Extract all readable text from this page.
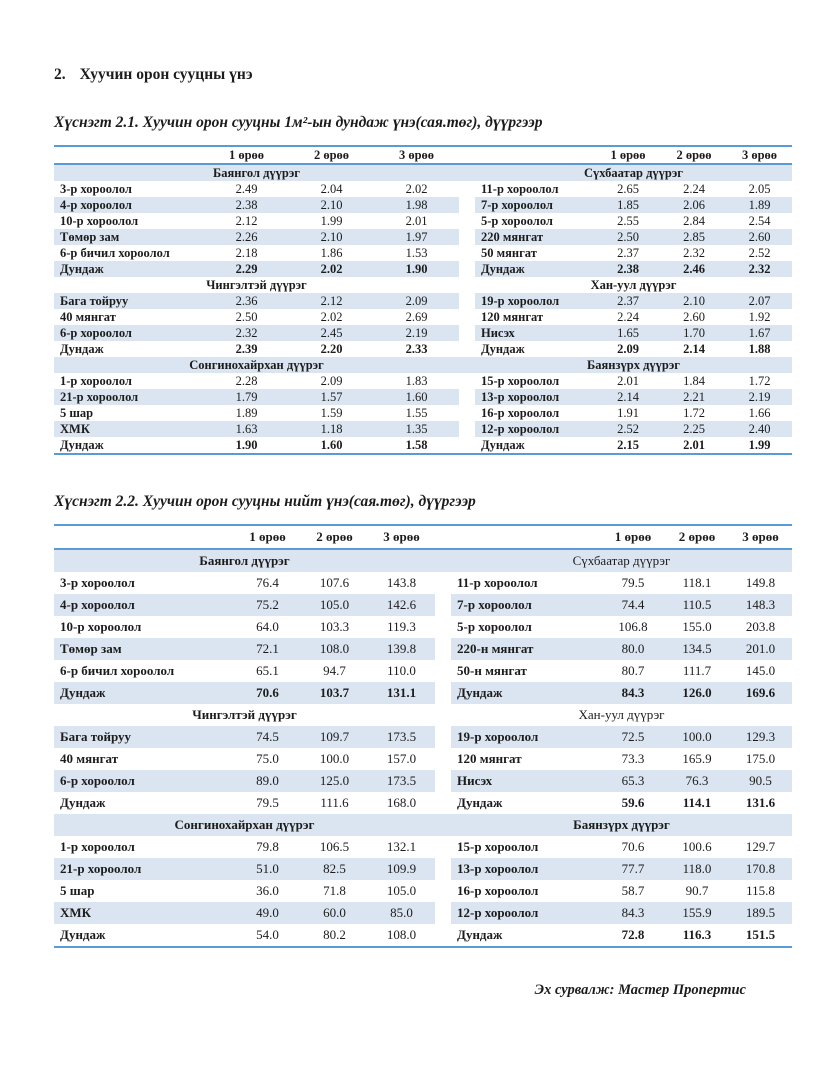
2. Хуучин орон сууцны үнэ
Хүснэгт 2.1. Хуучин орон сууцны 1м²-ын дундаж үнэ(сая.төг), дүүргээр
	1 өрөө	2 өрөө	3 өрөө			1 өрөө	2 өрөө	3 өрөө
Баянгол дүүрэг					Сүхбаатар дүүрэг			
3-р хороолол	2.49	2.04	2.02		11-р хороолол	2.65	2.24	2.05
4-р хороолол	2.38	2.10	1.98		7-р хороолол	1.85	2.06	1.89
10-р хороолол	2.12	1.99	2.01		5-р хороолол	2.55	2.84	2.54
Төмөр зам	2.26	2.10	1.97		220 мянгат	2.50	2.85	2.60
6-р бичил хороолол	2.18	1.86	1.53		50 мянгат	2.37	2.32	2.52
Дундаж	2.29	2.02	1.90		Дундаж	2.38	2.46	2.32
Чингэлтэй дүүрэг					Хан-уул дүүрэг			
Бага тойруу	2.36	2.12	2.09		19-р хороолол	2.37	2.10	2.07
40 мянгат	2.50	2.02	2.69		120 мянгат	2.24	2.60	1.92
6-р хороолол	2.32	2.45	2.19		Нисэх	1.65	1.70	1.67
Дундаж	2.39	2.20	2.33		Дундаж	2.09	2.14	1.88
Сонгинохайрхан дүүрэг					Баянзүрх дүүрэг			
1-р хороолол	2.28	2.09	1.83		15-р хороолол	2.01	1.84	1.72
21-р хороолол	1.79	1.57	1.60		13-р хороолол	2.14	2.21	2.19
5 шар	1.89	1.59	1.55		16-р хороолол	1.91	1.72	1.66
ХМК	1.63	1.18	1.35		12-р хороолол	2.52	2.25	2.40
Дундаж	1.90	1.60	1.58		Дундаж	2.15	2.01	1.99
Хүснэгт 2.2. Хуучин орон сууцны нийт үнэ(сая.төг), дүүргээр
	1 өрөө	2 өрөө	3 өрөө			1 өрөө	2 өрөө	3 өрөө
Баянгол дүүрэг					Сүхбаатар дүүрэг			
3-р хороолол	76.4	107.6	143.8		11-р хороолол	79.5	118.1	149.8
4-р хороолол	75.2	105.0	142.6		7-р хороолол	74.4	110.5	148.3
10-р хороолол	64.0	103.3	119.3		5-р хороолол	106.8	155.0	203.8
Төмөр зам	72.1	108.0	139.8		220-н мянгат	80.0	134.5	201.0
6-р бичил хороолол	65.1	94.7	110.0		50-н мянгат	80.7	111.7	145.0
Дундаж	70.6	103.7	131.1		Дундаж	84.3	126.0	169.6
Чингэлтэй дүүрэг					Хан-уул дүүрэг			
Бага тойруу	74.5	109.7	173.5		19-р хороолол	72.5	100.0	129.3
40 мянгат	75.0	100.0	157.0		120 мянгат	73.3	165.9	175.0
6-р хороолол	89.0	125.0	173.5		Нисэх	65.3	76.3	90.5
Дундаж	79.5	111.6	168.0		Дундаж	59.6	114.1	131.6
Сонгинохайрхан дүүрэг					Баянзүрх дүүрэг			
1-р хороолол	79.8	106.5	132.1		15-р хороолол	70.6	100.6	129.7
21-р хороолол	51.0	82.5	109.9		13-р хороолол	77.7	118.0	170.8
5 шар	36.0	71.8	105.0		16-р хороолол	58.7	90.7	115.8
ХМК	49.0	60.0	85.0		12-р хороолол	84.3	155.9	189.5
Дундаж	54.0	80.2	108.0		Дундаж	72.8	116.3	151.5
Эх сурвалж: Мастер Пропертис
